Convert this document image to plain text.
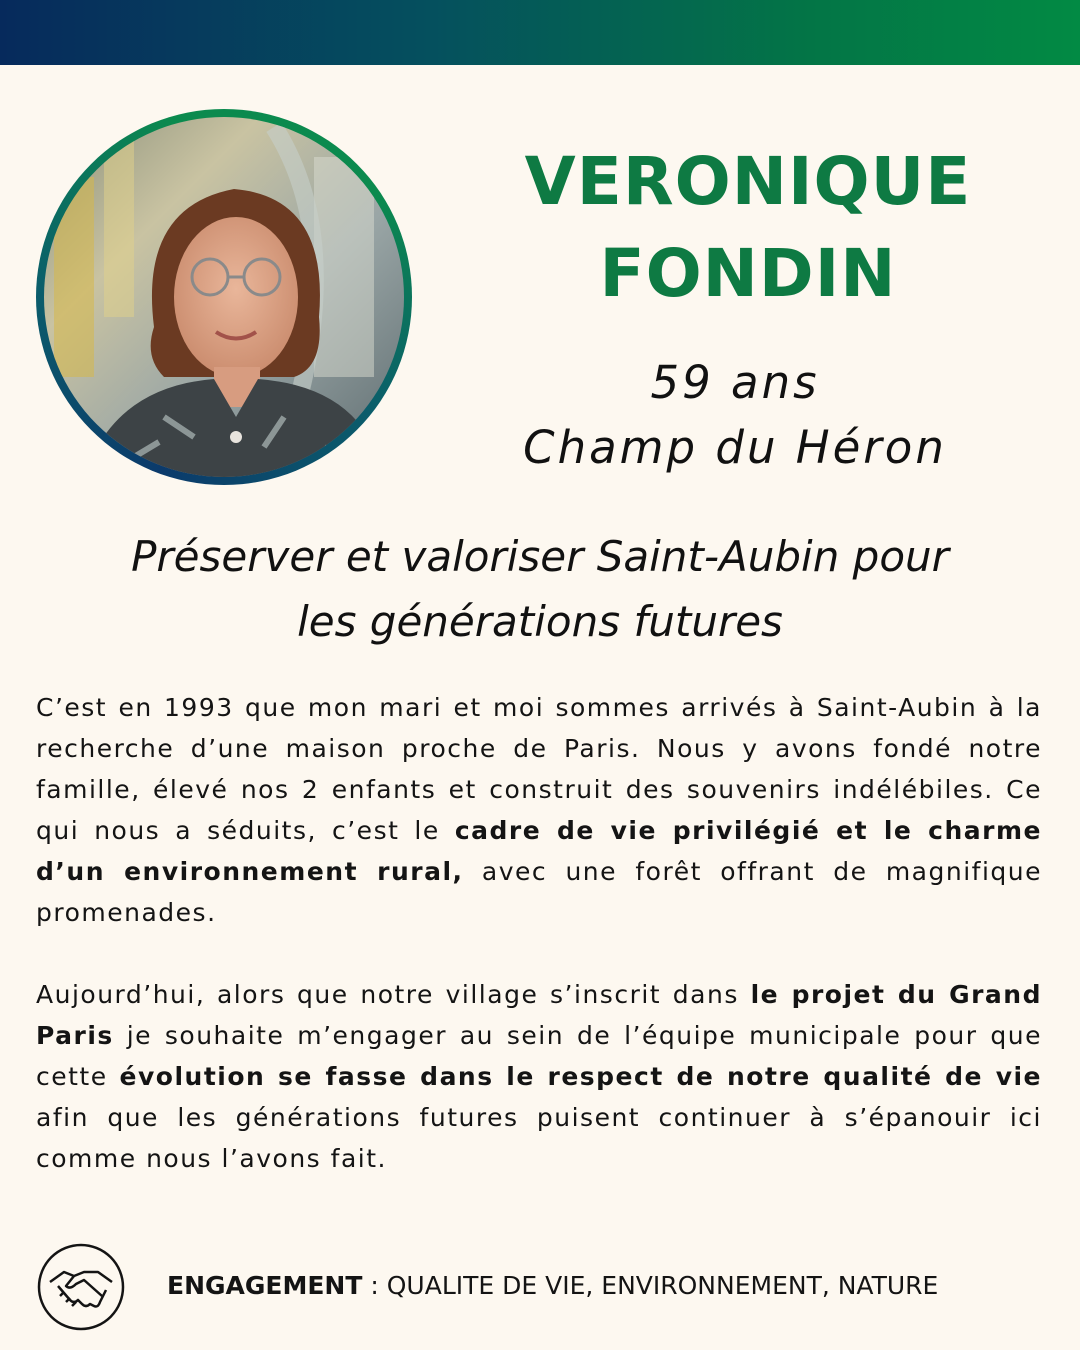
VERONIQUE
FONDIN
59 ans
Champ du Héron
Préserver et valoriser Saint-Aubin pour
les générations futures
C’est en 1993 que mon mari et moi sommes arrivés à Saint-Aubin à la recherche d’une maison proche de Paris. Nous y avons fondé notre famille, élevé nos 2 enfants et construit des souvenirs indélébiles. Ce qui nous a séduits, c’est le cadre de vie privilégié et le charme d’un environnement rural, avec une forêt offrant de magnifique promenades.
Aujourd’hui, alors que notre village s’inscrit dans le projet du Grand Paris je souhaite m’engager au sein de l’équipe municipale pour que cette évolution se fasse dans le respect de notre qualité de vie afin que les générations futures puisent continuer à s’épanouir ici comme nous l’avons fait.
ENGAGEMENT : QUALITE DE VIE, ENVIRONNEMENT, NATURE
